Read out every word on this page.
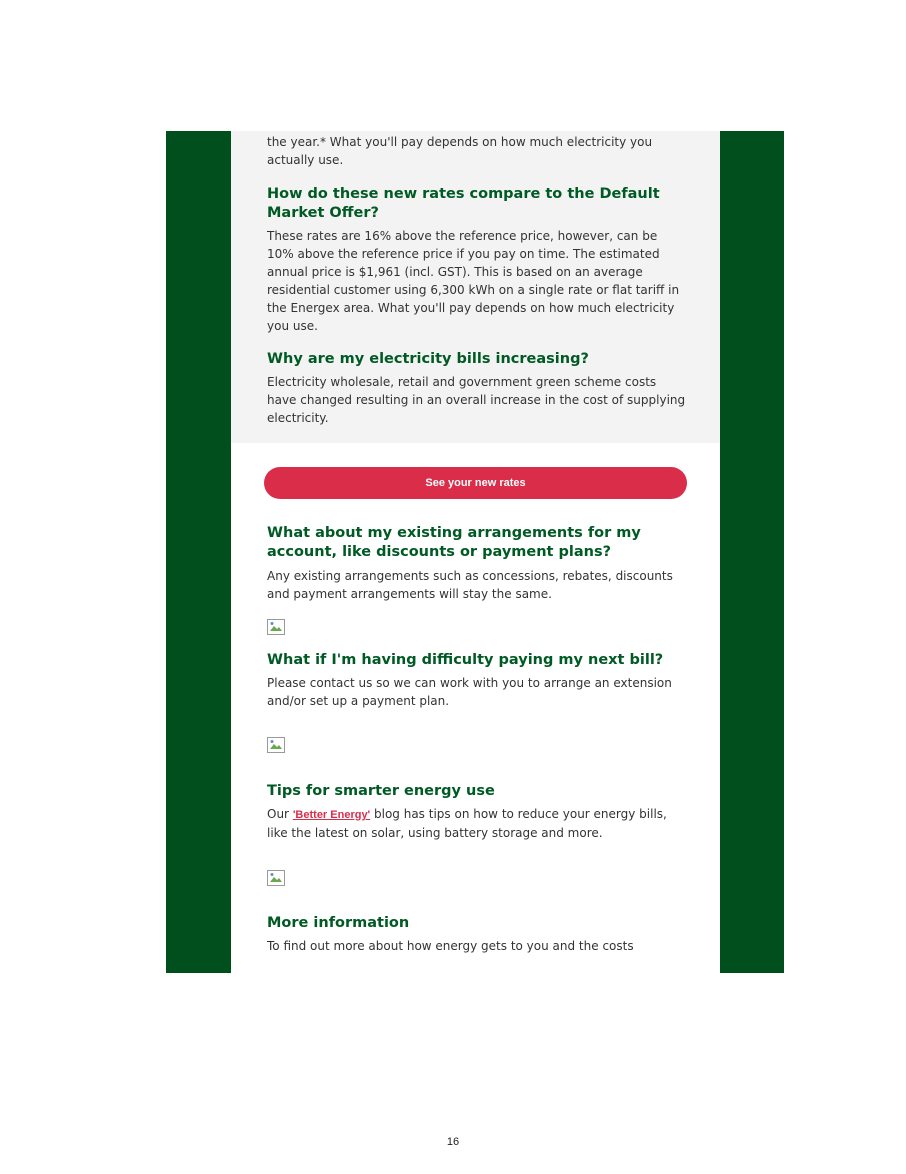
the year.* What you'll pay depends on how much electricity you actually use.

How do these new rates compare to the Default Market Offer?

These rates are 16% above the reference price, however, can be 10% above the reference price if you pay on time. The estimated annual price is $1,961 (incl. GST). This is based on an average residential customer using 6,300 kWh on a single rate or flat tariff in the Energex area. What you'll pay depends on how much electricity you use.

Why are my electricity bills increasing?

Electricity wholesale, retail and government green scheme costs have changed resulting in an overall increase in the cost of supplying electricity.

See your new rates
What about my existing arrangements for my account, like discounts or payment plans?

Any existing arrangements such as concessions, rebates, discounts and payment arrangements will stay the same.

What if I'm having difficulty paying my next bill?

Please contact us so we can work with you to arrange an extension and/or set up a payment plan.

Tips for smarter energy use

Our 'Better Energy' blog has tips on how to reduce your energy bills, like the latest on solar, using battery storage and more.

More information

To find out more about how energy gets to you and the costs

16
